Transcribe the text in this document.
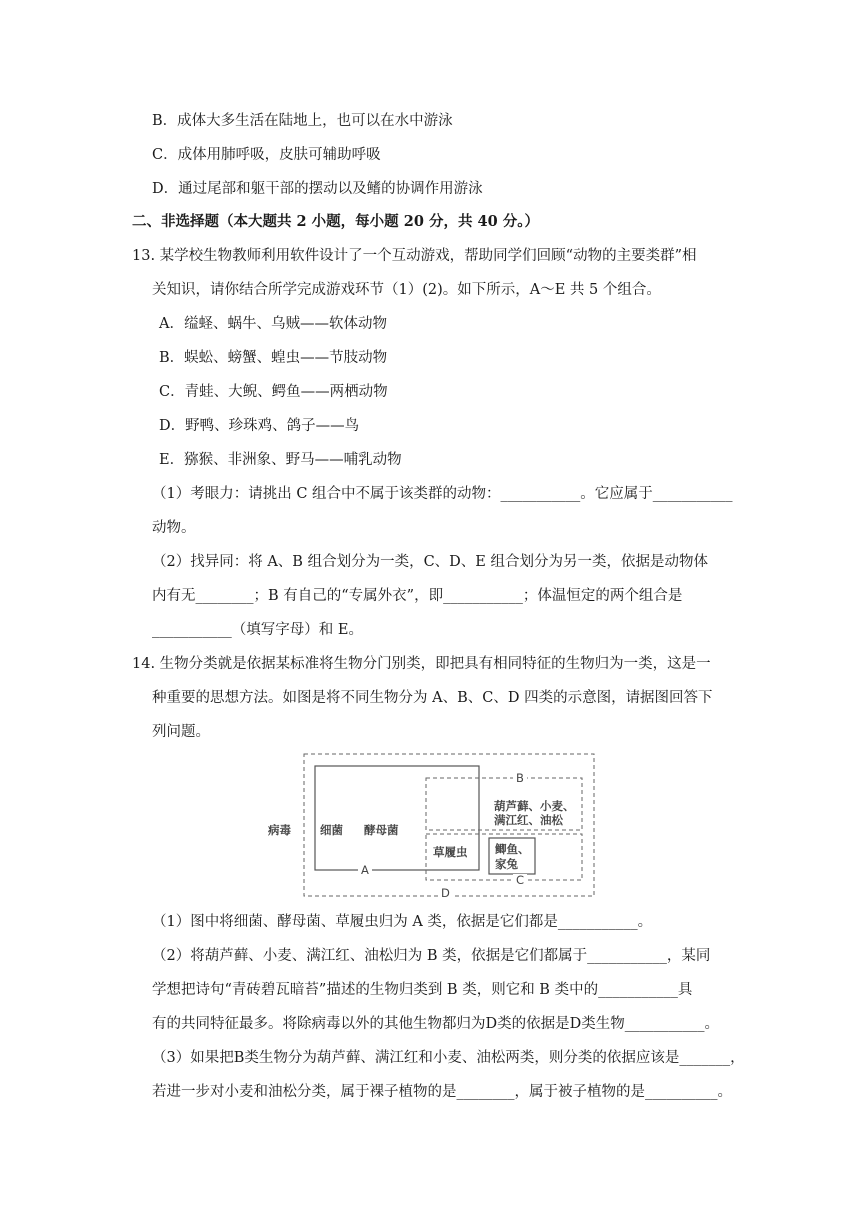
B．成体大多生活在陆地上，也可以在水中游泳
C．成体用肺呼吸，皮肤可辅助呼吸
D．通过尾部和躯干部的摆动以及鳍的协调作用游泳
二、非选择题（本大题共 2 小题，每小题 20 分，共 40 分。）
13. 某学校生物教师利用软件设计了一个互动游戏，帮助同学们回顾“动物的主要类群”相
关知识，请你结合所学完成游戏环节（1）(2)。如下所示，A～E 共 5 个组合。
A．缢蛏、蜗牛、乌贼——软体动物
B．蜈蚣、螃蟹、蝗虫——节肢动物
C．青蛙、大鲵、鳄鱼——两栖动物
D．野鸭、珍珠鸡、鸽子——鸟
E．猕猴、非洲象、野马——哺乳动物
（1）考眼力：请挑出 C 组合中不属于该类群的动物：___________。它应属于___________
动物。
（2）找异同：将 A、B 组合划分为一类，C、D、E 组合划分为另一类，依据是动物体
内有无________；B 有自己的“专属外衣”，即___________；体温恒定的两个组合是
___________（填写字母）和 E。
14. 生物分类就是依据某标准将生物分门别类，即把具有相同特征的生物归为一类，这是一
种重要的思想方法。如图是将不同生物分为 A、B、C、D 四类的示意图，请据图回答下
列问题。
病毒	细菌 酵母菌
草履虫
葫芦藓、小麦、
满江红、油松
鲫鱼、
家兔
A
B
C
D
（1）图中将细菌、酵母菌、草履虫归为 A 类，依据是它们都是___________。
（2）将葫芦藓、小麦、满江红、油松归为 B 类，依据是它们都属于___________，某同
学想把诗句“青砖碧瓦暗苔”描述的生物归类到 B 类，则它和 B 类中的___________具
有的共同特征最多。将除病毒以外的其他生物都归为D类的依据是D类生物___________。
（3）如果把B类生物分为葫芦藓、满江红和小麦、油松两类，则分类的依据应该是_______，
若进一步对小麦和油松分类，属于裸子植物的是________，属于被子植物的是__________。
